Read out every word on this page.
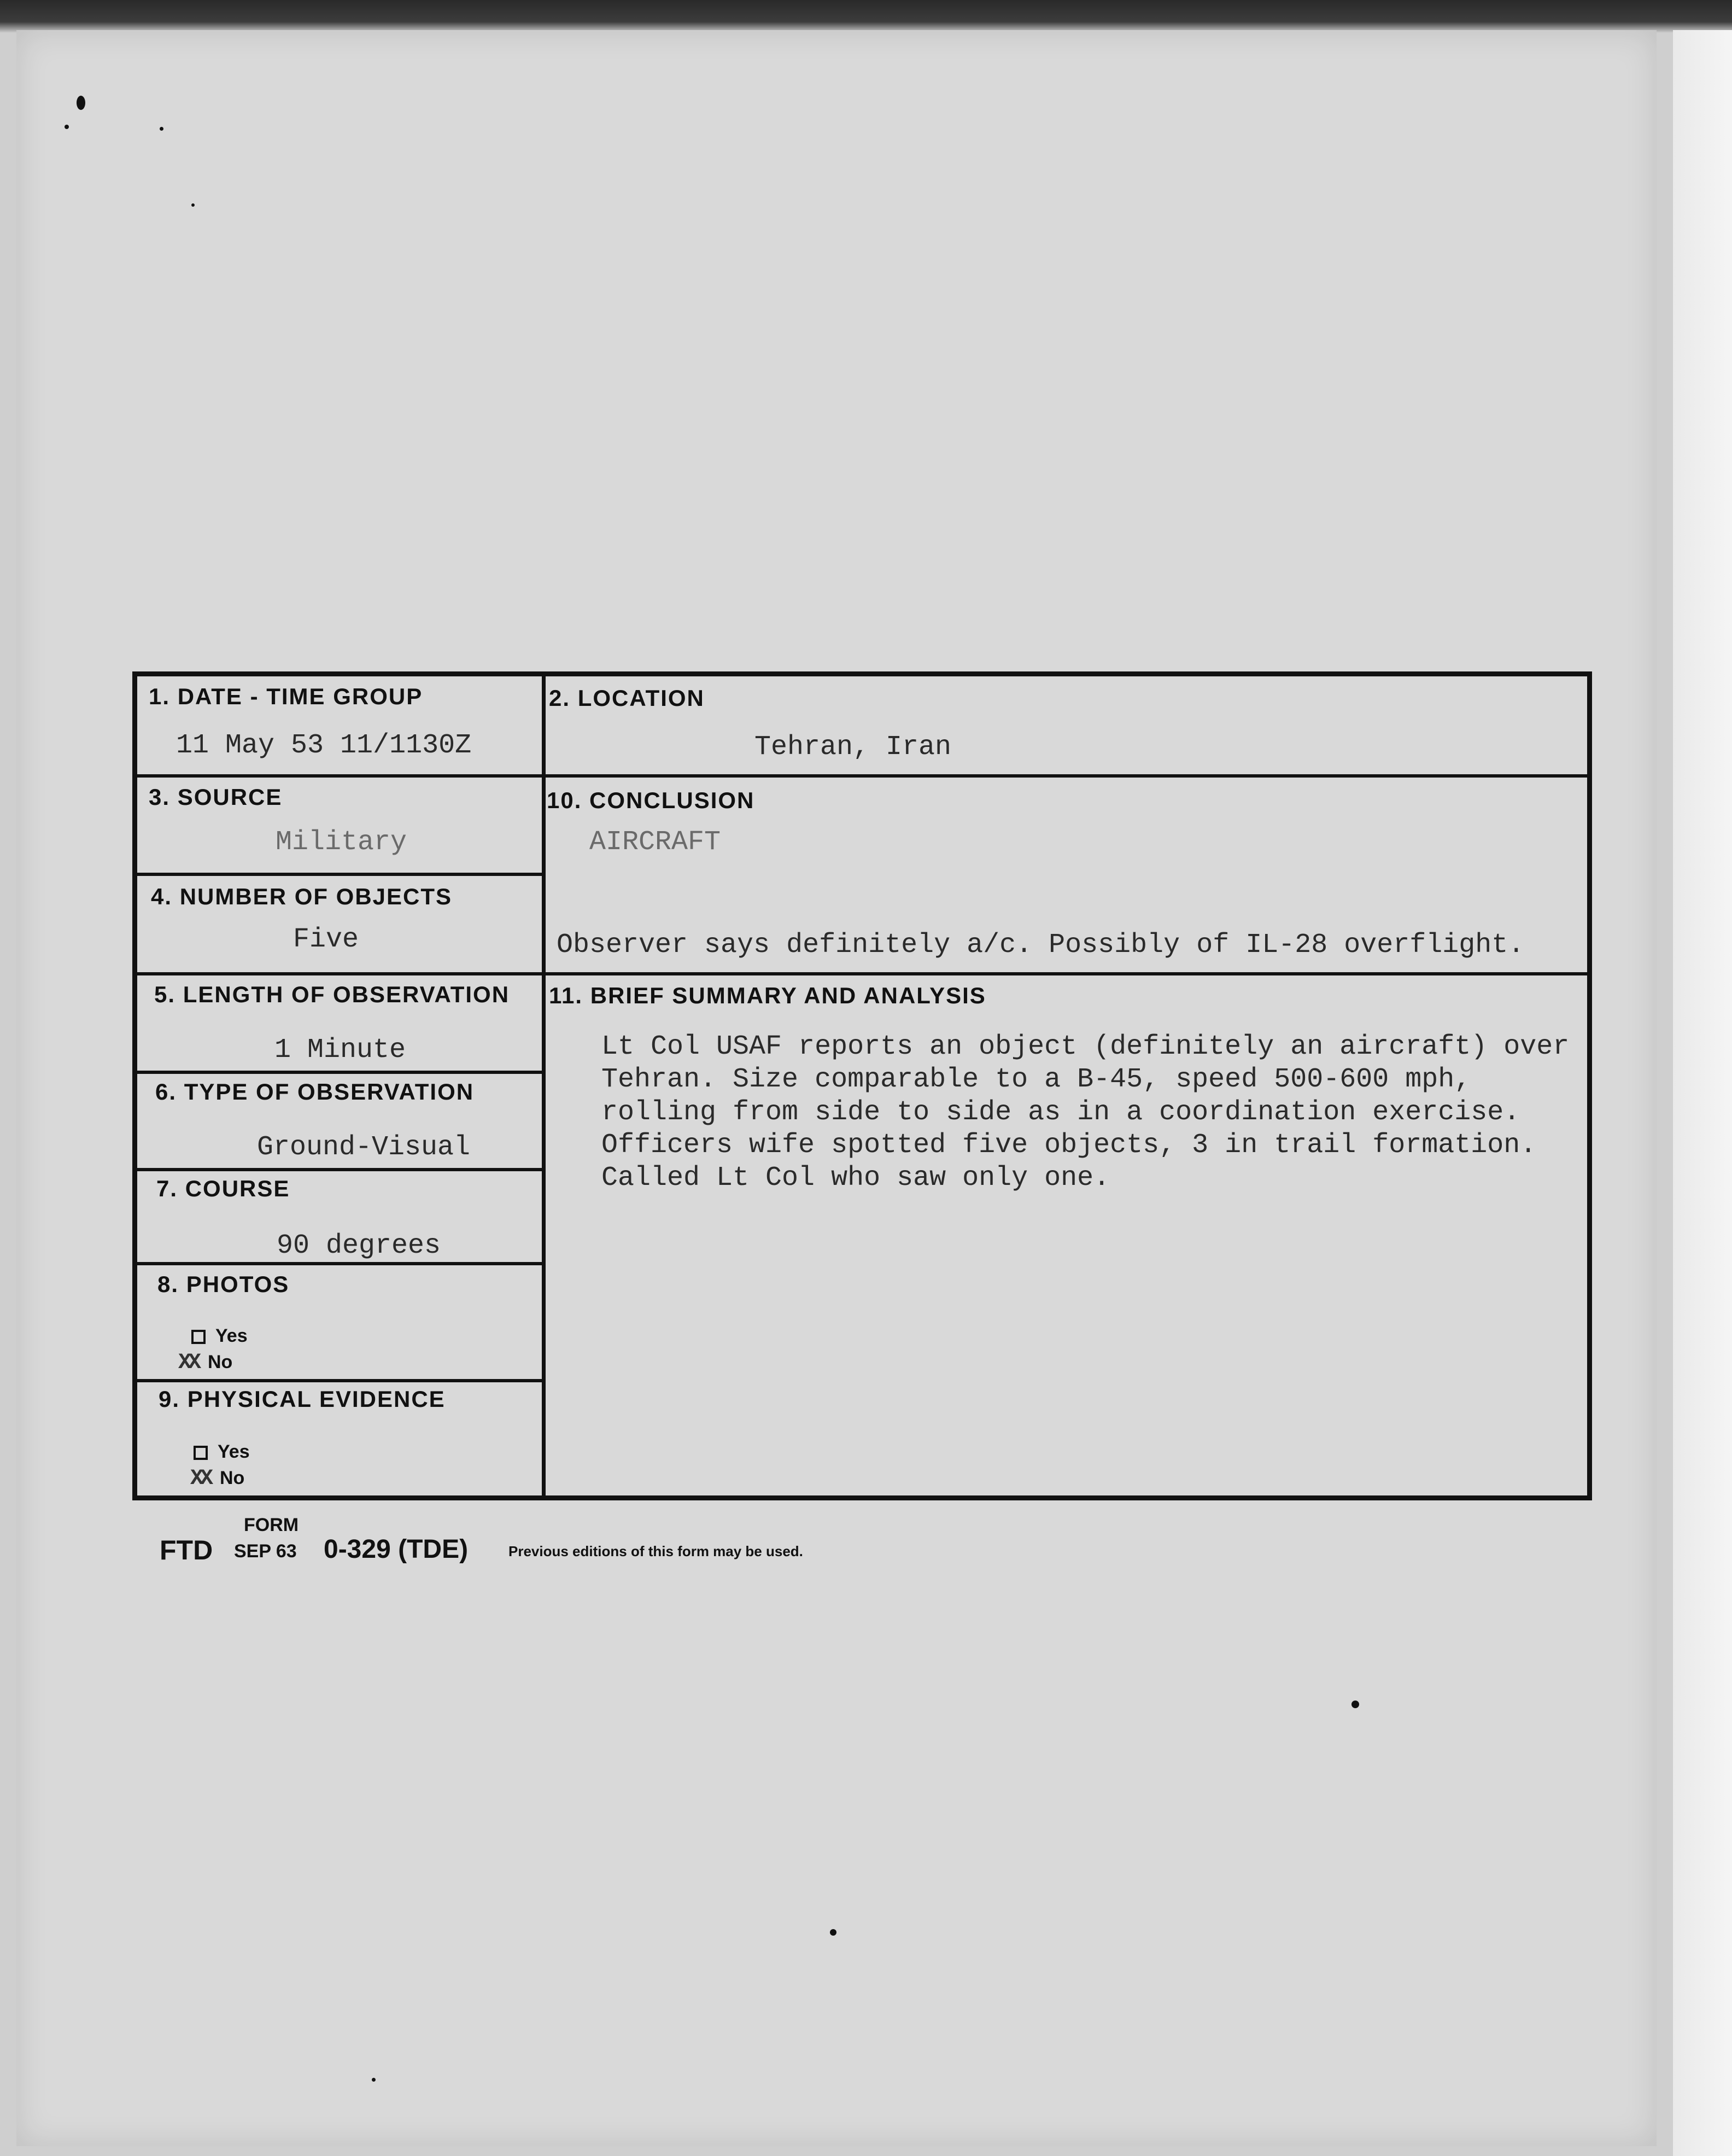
1. DATE - TIME GROUP
11 May 53 11/1130Z
2. LOCATION
Tehran, Iran
3. SOURCE
Military
10. CONCLUSION
AIRCRAFT
Observer says definitely a/c. Possibly of IL-28 overflight.
4. NUMBER OF OBJECTS
Five
5. LENGTH OF OBSERVATION
1 Minute
11. BRIEF SUMMARY AND ANALYSIS
Lt Col USAF reports an object (definitely an aircraft) over
Tehran. Size comparable to a B-45, speed 500-600 mph,
rolling from side to side as in a coordination exercise.
Officers wife spotted five objects, 3 in trail formation.
Called Lt Col who saw only one.
6. TYPE OF OBSERVATION
Ground-Visual
7. COURSE
90 degrees
8. PHOTOS
Yes
XX No
9. PHYSICAL EVIDENCE
Yes
XX No
FORM
FTD SEP 63 0-329 (TDE)	Previous editions of this form may be used.
